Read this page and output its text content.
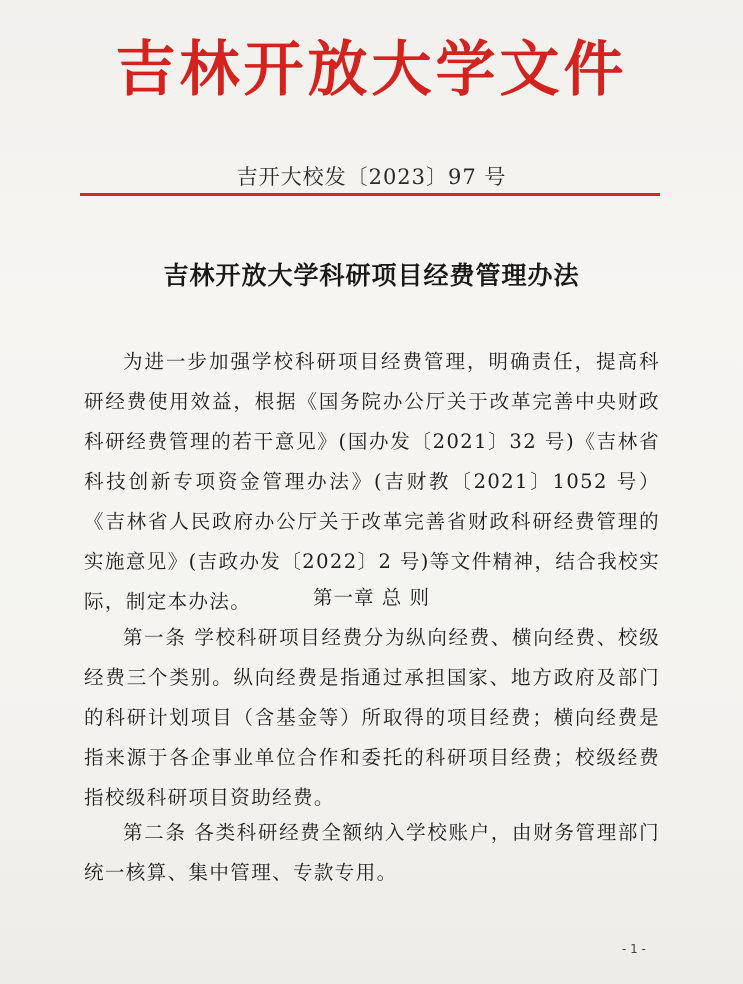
吉林开放大学文件
吉开大校发〔2023〕97 号
吉林开放大学科研项目经费管理办法

为进一步加强学校科研项目经费管理，明确责任，提高科研经费使用效益，根据《国务院办公厅关于改革完善中央财政科研经费管理的若干意见》(国办发〔2021〕32 号)《吉林省科技创新专项资金管理办法》(吉财教〔2021〕1052 号）《吉林省人民政府办公厅关于改革完善省财政科研经费管理的实施意见》(吉政办发〔2022〕2 号)等文件精神，结合我校实际，制定本办法。	第一章 总 则

第一条 学校科研项目经费分为纵向经费、横向经费、校级经费三个类别。纵向经费是指通过承担国家、地方政府及部门的科研计划项目（含基金等）所取得的项目经费；横向经费是指来源于各企事业单位合作和委托的科研项目经费；校级经费指校级科研项目资助经费。

第二条 各类科研经费全额纳入学校账户，由财务管理部门统一核算、集中管理、专款专用。

- 1 -
